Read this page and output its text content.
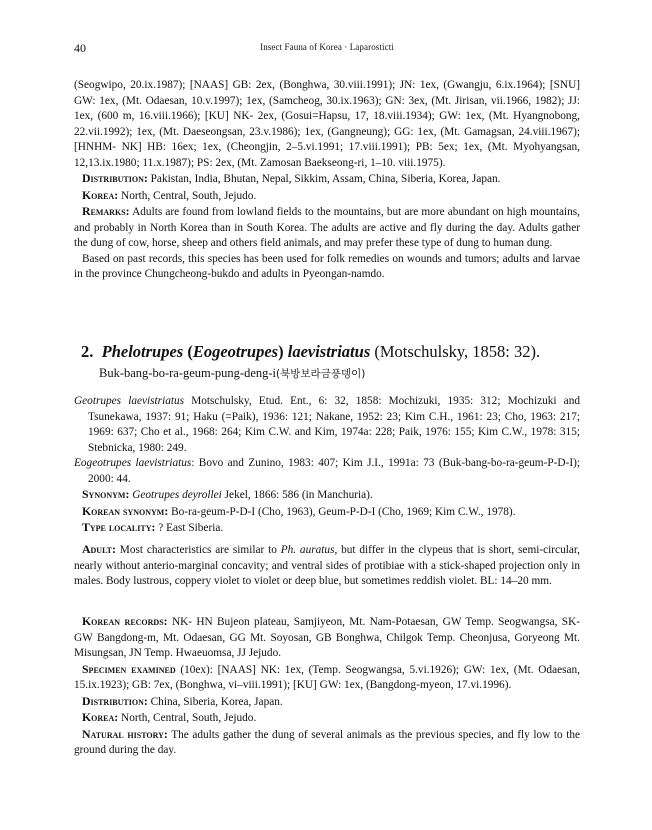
40	Insect Fauna of Korea · Laparosticti

(Seogwipo, 20.ix.1987); [NAAS] GB: 2ex, (Bonghwa, 30.viii.1991); JN: 1ex, (Gwangju, 6.ix.1964); [SNU] GW: 1ex, (Mt. Odaesan, 10.v.1997); 1ex, (Samcheog, 30.ix.1963); GN: 3ex, (Mt. Jirisan, vii.1966, 1982); JJ: 1ex, (600 m, 16.viii.1966); [KU] NK- 2ex, (Gosui=Hapsu, 17, 18.viii.1934); GW: 1ex, (Mt. Hyangnobong, 22.vii.1992); 1ex, (Mt. Daeseongsan, 23.v.1986); 1ex, (Gangneung); GG: 1ex, (Mt. Gamagsan, 24.viii.1967); [HNHM- NK] HB: 16ex; 1ex, (Cheongjin, 2–5.vi.1991; 17.viii.1991); PB: 5ex; 1ex, (Mt. Myohyangsan, 12,13.ix.1980; 11.x.1987); PS: 2ex, (Mt. Zamosan Baekseong-ri, 1–10. viii.1975).

Distribution: Pakistan, India, Bhutan, Nepal, Sikkim, Assam, China, Siberia, Korea, Japan.

Korea: North, Central, South, Jejudo.

Remarks: Adults are found from lowland fields to the mountains, but are more abundant on high mountains, and probably in North Korea than in South Korea. The adults are active and fly during the day. Adults gather the dung of cow, horse, sheep and others field animals, and may prefer these type of dung to human dung.

Based on past records, this species has been used for folk remedies on wounds and tumors; adults and larvae in the province Chungcheong-bukdo and adults in Pyeongan-namdo.

2. Phelotrupes (Eogeotrupes) laevistriatus (Motschulsky, 1858: 32).
Buk-bang-bo-ra-geum-pung-deng-i(북방보라금풍뎅이)

Geotrupes laevistriatus Motschulsky, Etud. Ent., 6: 32, 1858: Mochizuki, 1935: 312; Mochizuki and Tsunekawa, 1937: 91; Haku (=Paik), 1936: 121; Nakane, 1952: 23; Kim C.H., 1961: 23; Cho, 1963: 217; 1969: 637; Cho et al., 1968: 264; Kim C.W. and Kim, 1974a: 228; Paik, 1976: 155; Kim C.W., 1978: 315; Stebnicka, 1980: 249.

Eogeotrupes laevistriatus: Bovo and Zunino, 1983: 407; Kim J.I., 1991a: 73 (Buk-bang-bo-ra-geum-P-D-I); 2000: 44.

Synonym: Geotrupes deyrollei Jekel, 1866: 586 (in Manchuria).

Korean synonym: Bo-ra-geum-P-D-I (Cho, 1963), Geum-P-D-I (Cho, 1969; Kim C.W., 1978).

Type locality: ? East Siberia.

Adult: Most characteristics are similar to Ph. auratus, but differ in the clypeus that is short, semi-circular, nearly without anterio-marginal concavity; and ventral sides of protibiae with a stick-shaped projection only in males. Body lustrous, coppery violet to violet or deep blue, but sometimes reddish violet. BL: 14–20 mm.

Korean records: NK- HN Bujeon plateau, Samjiyeon, Mt. Nam-Potaesan, GW Temp. Seogwangsa, SK- GW Bangdong-m, Mt. Odaesan, GG Mt. Soyosan, GB Bonghwa, Chilgok Temp. Cheonjusa, Goryeong Mt. Misungsan, JN Temp. Hwaeuomsa, JJ Jejudo.

Specimen examined (10ex): [NAAS] NK: 1ex, (Temp. Seogwangsa, 5.vi.1926); GW: 1ex, (Mt. Odaesan, 15.ix.1923); GB: 7ex, (Bonghwa, vi–viii.1991); [KU] GW: 1ex, (Bangdong-myeon, 17.vi.1996).

Distribution: China, Siberia, Korea, Japan.

Korea: North, Central, South, Jejudo.

Natural history: The adults gather the dung of several animals as the previous species, and fly low to the ground during the day.
